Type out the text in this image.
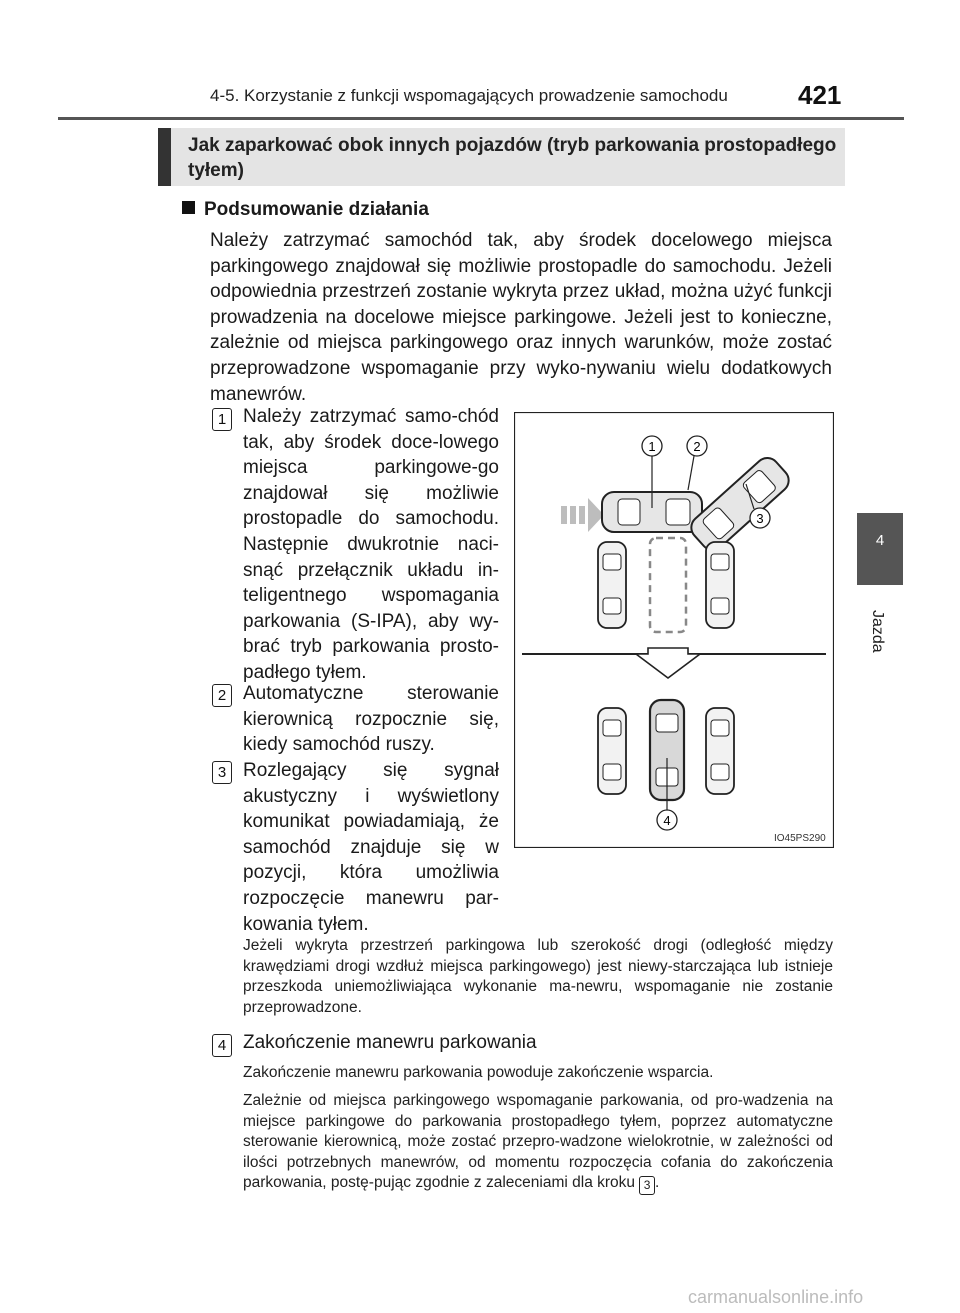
4-5. Korzystanie z funkcji wspomagających prowadzenie samochodu	421
Jak zaparkować obok innych pojazdów (tryb parkowania prostopadłego tyłem)
Podsumowanie działania

Należy zatrzymać samochód tak, aby środek docelowego miejsca parkingowego znajdował się możliwie prostopadle do samochodu. Jeżeli odpowiednia przestrzeń zostanie wykryta przez układ, można użyć funkcji prowadzenia na docelowe miejsce parkingowe. Jeżeli jest to konieczne, zależnie od miejsca parkingowego oraz innych warunków, może zostać przeprowadzone wspomaganie przy wyko-nywaniu wielu dodatkowych manewrów.

1 Należy zatrzymać samo-chód tak, aby środek doce-lowego miejsca parkingowe-go znajdował się możliwie prostopadle do samochodu. Następnie dwukrotnie naci-snąć przełącznik układu in-teligentnego wspomagania parkowania (S-IPA), aby wy-brać tryb parkowania prosto-padłego tyłem.

2 Automatyczne sterowanie kierownicą rozpocznie się, kiedy samochód ruszy.

3 Rozlegający się sygnał akustyczny i wyświetlony komunikat powiadamiają, że samochód znajduje się w pozycji, która umożliwia rozpoczęcie manewru par-kowania tyłem.

Jeżeli wykryta przestrzeń parkingowa lub szerokość drogi (odległość między krawędziami drogi wzdłuż miejsca parkingowego) jest niewy-starczająca lub istnieje przeszkoda uniemożliwiająca wykonanie ma-newru, wspomaganie nie zostanie przeprowadzone.

4 Zakończenie manewru parkowania

Zakończenie manewru parkowania powoduje zakończenie wsparcia.

Zależnie od miejsca parkingowego wspomaganie parkowania, od pro-wadzenia na miejsce parkingowe do parkowania prostopadłego tyłem, poprzez automatyczne sterowanie kierownicą, może zostać przepro-wadzone wielokrotnie, w zależności od ilości potrzebnych manewrów, od momentu rozpoczęcia cofania do zakończenia parkowania, postę-pując zgodnie z zaleceniami dla kroku 3 .

1	2
3
4
IO45PS290
4
Jazda
carmanualsonline.info
